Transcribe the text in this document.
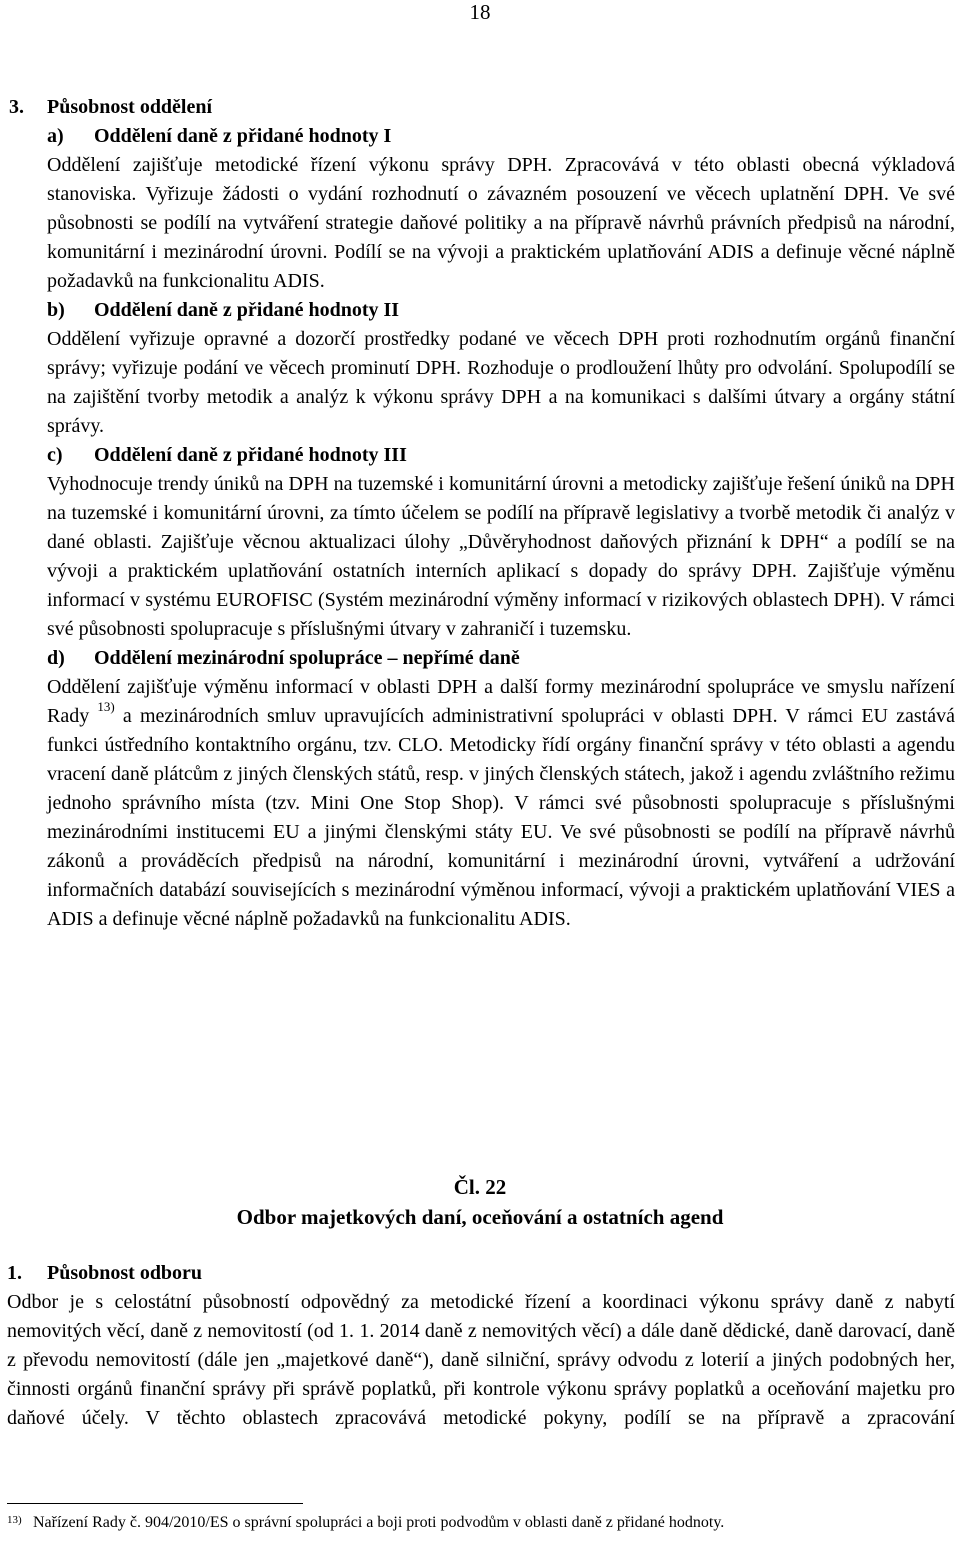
18
3. Působnost oddělení
a) Oddělení daně z přidané hodnoty I

Oddělení zajišťuje metodické řízení výkonu správy DPH. Zpracovává v této oblasti obecná výkladová stanoviska. Vyřizuje žádosti o vydání rozhodnutí o závazném posouzení ve věcech uplatnění DPH. Ve své působnosti se podílí na vytváření strategie daňové politiky a na přípravě návrhů právních předpisů na národní, komunitární i mezinárodní úrovni. Podílí se na vývoji a praktickém uplatňování ADIS a definuje věcné náplně požadavků na funkcionalitu ADIS.

b) Oddělení daně z přidané hodnoty II

Oddělení vyřizuje opravné a dozorčí prostředky podané ve věcech DPH proti rozhodnutím orgánů finanční správy; vyřizuje podání ve věcech prominutí DPH. Rozhoduje o prodloužení lhůty pro odvolání. Spolupodílí se na zajištění tvorby metodik a analýz k výkonu správy DPH a na komunikaci s dalšími útvary a orgány státní správy.

c) Oddělení daně z přidané hodnoty III

Vyhodnocuje trendy úniků na DPH na tuzemské i komunitární úrovni a metodicky zajišťuje řešení úniků na DPH na tuzemské i komunitární úrovni, za tímto účelem se podílí na přípravě legislativy a tvorbě metodik či analýz v dané oblasti. Zajišťuje věcnou aktualizaci úlohy „Důvěryhodnost daňových přiznání k DPH“ a podílí se na vývoji a praktickém uplatňování ostatních interních aplikací s dopady do správy DPH. Zajišťuje výměnu informací v systému EUROFISC (Systém mezinárodní výměny informací v rizikových oblastech DPH). V rámci své působnosti spolupracuje s příslušnými útvary v zahraničí i tuzemsku.

d) Oddělení mezinárodní spolupráce – nepřímé daně

Oddělení zajišťuje výměnu informací v oblasti DPH a další formy mezinárodní spolupráce ve smyslu nařízení Rady $^{13)}$ a mezinárodních smluv upravujících administrativní spolupráci v oblasti DPH. V rámci EU zastává funkci ústředního kontaktního orgánu, tzv. CLO. Metodicky řídí orgány finanční správy v této oblasti a agendu vracení daně plátcům z jiných členských států, resp. v jiných členských státech, jakož i agendu zvláštního režimu jednoho správního místa (tzv. Mini One Stop Shop). V rámci své působnosti spolupracuje s příslušnými mezinárodními institucemi EU a jinými členskými státy EU. Ve své působnosti se podílí na přípravě návrhů zákonů a prováděcích předpisů na národní, komunitární i mezinárodní úrovni, vytváření a udržování informačních databází souvisejících s mezinárodní výměnou informací, vývoji a praktickém uplatňování VIES a ADIS a definuje věcné náplně požadavků na funkcionalitu ADIS.

Čl. 22
Odbor majetkových daní, oceňování a ostatních agend
1. Působnost odboru

Odbor je s celostátní působností odpovědný za metodické řízení a koordinaci výkonu správy daně z nabytí nemovitých věcí, daně z nemovitostí (od 1. 1. 2014 daně z nemovitých věcí) a dále daně dědické, daně darovací, daně z převodu nemovitostí (dále jen „majetkové daně“), daně silniční, správy odvodu z loterií a jiných podobných her, činnosti orgánů finanční správy při správě poplatků, při kontrole výkonu správy poplatků a oceňování majetku pro daňové účely. V těchto oblastech zpracovává metodické pokyny, podílí se na přípravě a zpracování

13) Nařízení Rady č. 904/2010/ES o správní spolupráci a boji proti podvodům v oblasti daně z přidané hodnoty.
